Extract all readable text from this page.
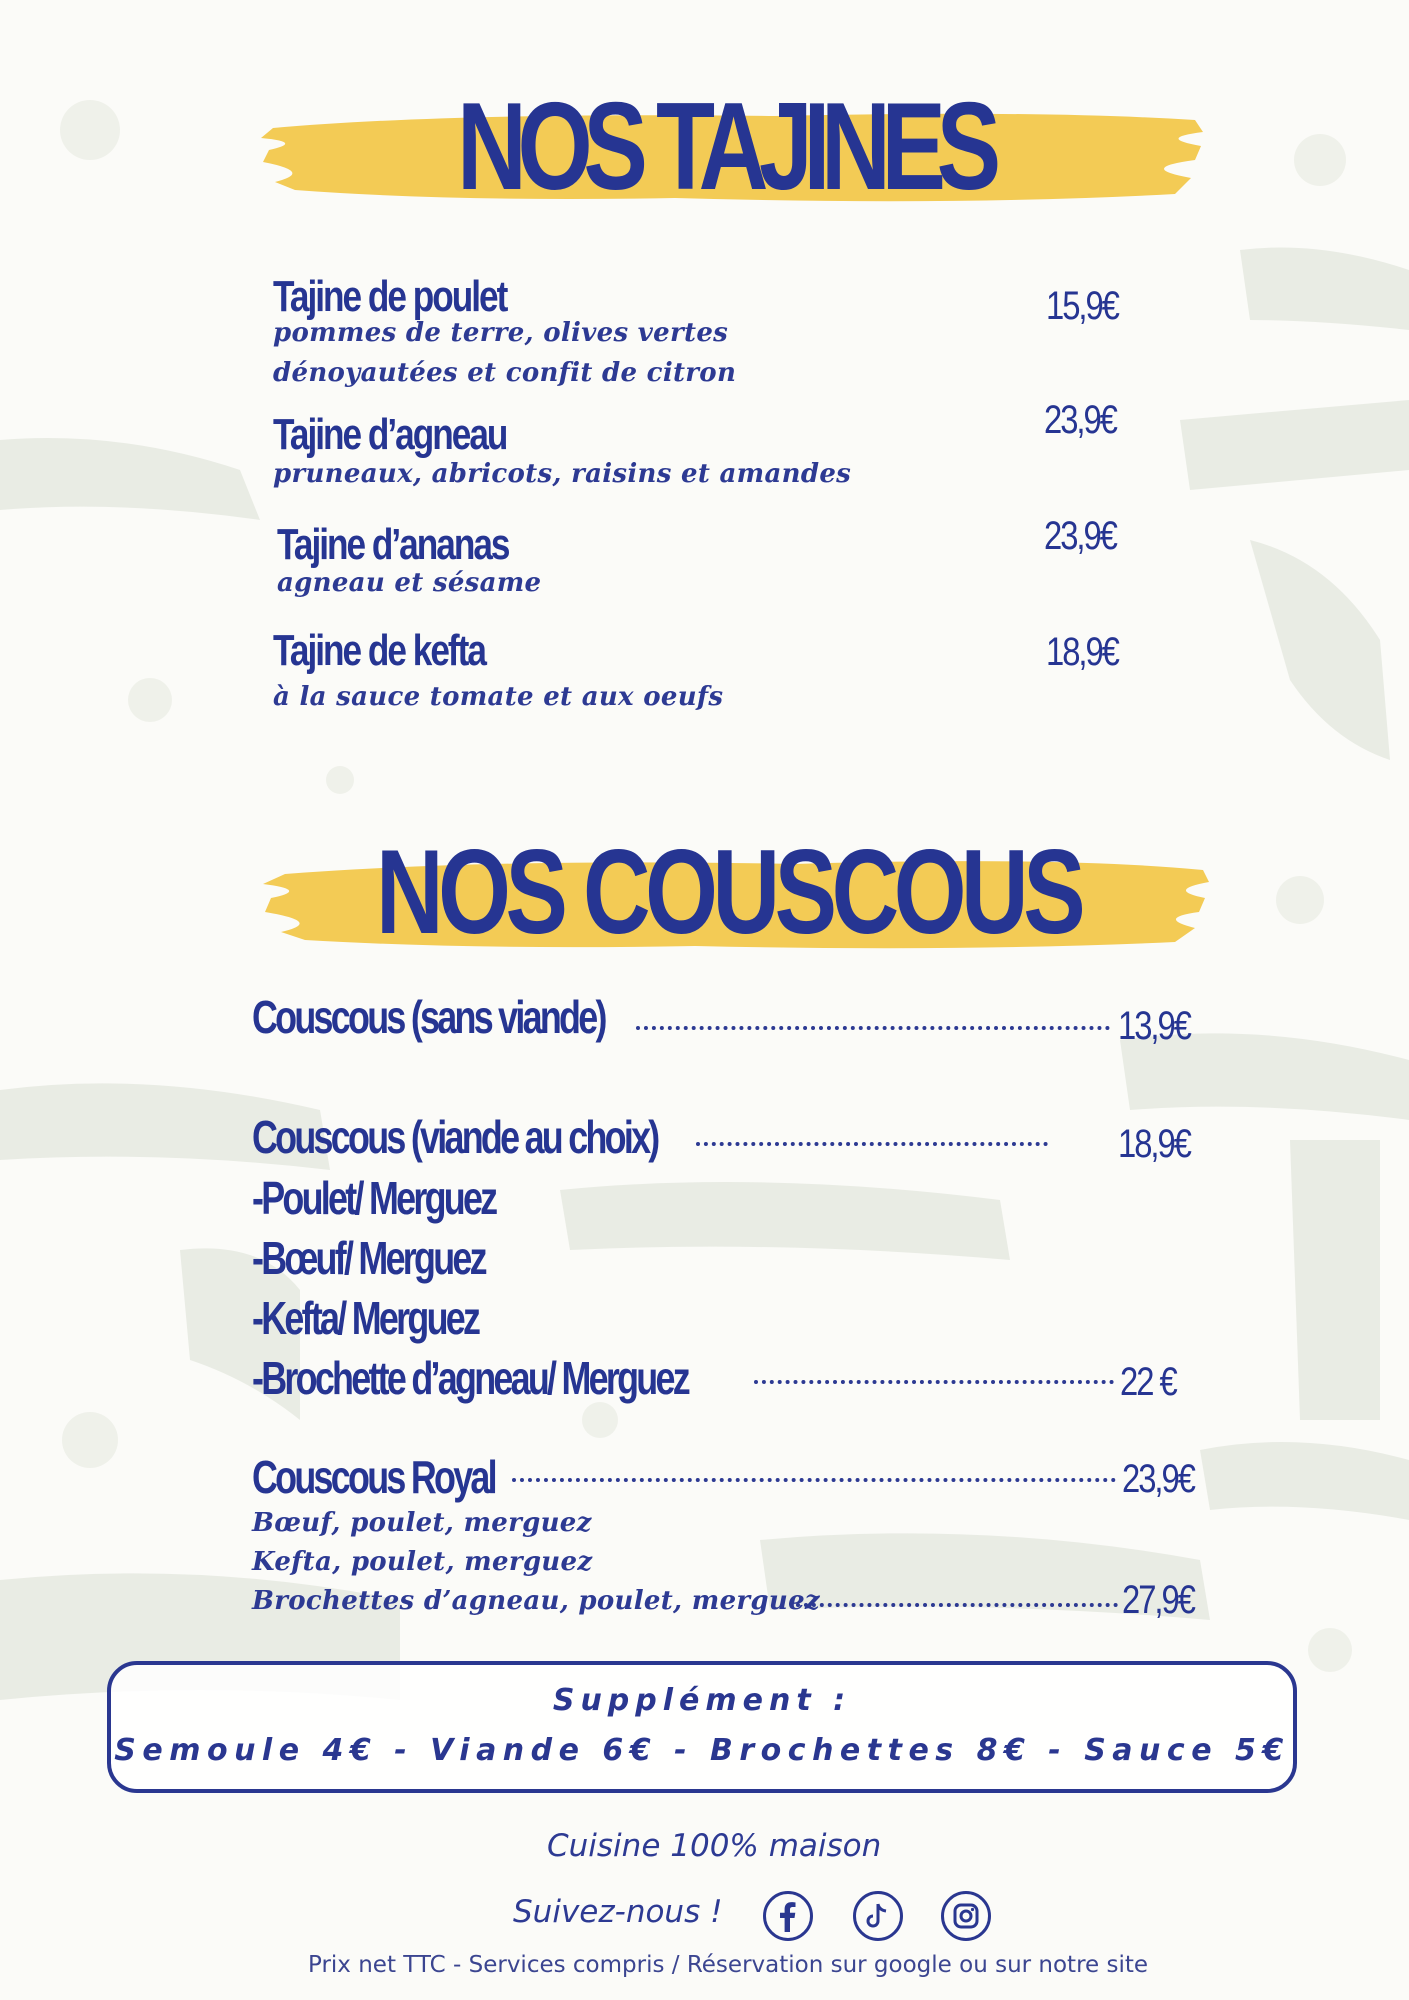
NOS TAJINES
Tajine de poulet
pommes de terre, olives vertes
dénoyautées et confit de citron
15,9€
Tajine d’agneau
pruneaux, abricots, raisins et amandes
23,9€
Tajine d’ananas
agneau et sésame
23,9€
Tajine de kefta
à la sauce tomate et aux oeufs
18,9€
NOS COUSCOUS
Couscous (sans viande)	13,9€
Couscous (viande au choix)	18,9€
-Poulet/ Merguez
-Bœuf/ Merguez
-Kefta/ Merguez
-Brochette d’agneau/ Merguez	22 €
Couscous Royal	23,9€
Bœuf, poulet, merguez
Kefta, poulet, merguez
Brochettes d’agneau, poulet, merguez	27,9€
Supplément :
Semoule 4€ - Viande 6€ - Brochettes 8€ - Sauce 5€
Cuisine 100% maison
Suivez-nous !
Prix net TTC - Services compris / Réservation sur google ou sur notre site
